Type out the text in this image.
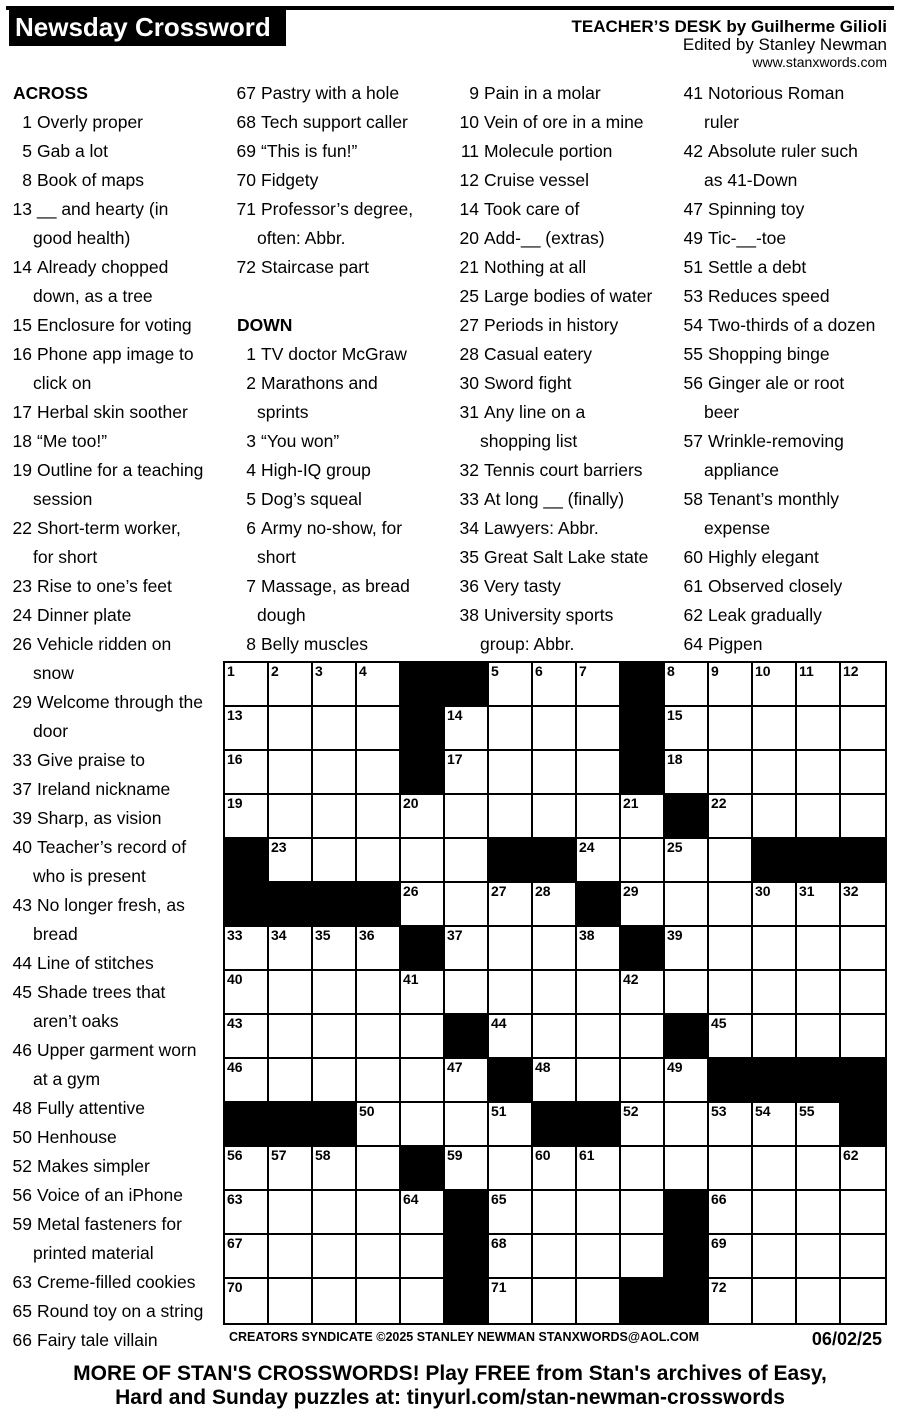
Newsday Crossword	TEACHER’S DESK by Guilherme Gilioli
Edited by Stanley Newman
www.stanxwords.com
ACROSS
1 Overly proper
5 Gab a lot
8 Book of maps
13 __ and hearty (in
good health)
14 Already chopped
down, as a tree
15 Enclosure for voting
16 Phone app image to
click on
17 Herbal skin soother
18 “Me too!”
19 Outline for a teaching
session
22 Short-term worker,
for short
23 Rise to one’s feet
24 Dinner plate
26 Vehicle ridden on
snow
29 Welcome through the
door
33 Give praise to
37 Ireland nickname
39 Sharp, as vision
40 Teacher’s record of
who is present
43 No longer fresh, as
bread
44 Line of stitches
45 Shade trees that
aren’t oaks
46 Upper garment worn
at a gym
48 Fully attentive
50 Henhouse
52 Makes simpler
56 Voice of an iPhone
59 Metal fasteners for
printed material
63 Creme-filled cookies
65 Round toy on a string
66 Fairy tale villain
67 Pastry with a hole
68 Tech support caller
69 “This is fun!”
70 Fidgety
71 Professor’s degree,
often: Abbr.
72 Staircase part
DOWN
1 TV doctor McGraw
2 Marathons and
sprints
3 “You won”
4 High-IQ group
5 Dog’s squeal
6 Army no-show, for
short
7 Massage, as bread
dough
8 Belly muscles
9 Pain in a molar
10 Vein of ore in a mine
11 Molecule portion
12 Cruise vessel
14 Took care of
20 Add-__ (extras)
21 Nothing at all
25 Large bodies of water
27 Periods in history
28 Casual eatery
30 Sword fight
31 Any line on a
shopping list
32 Tennis court barriers
33 At long __ (finally)
34 Lawyers: Abbr.
35 Great Salt Lake state
36 Very tasty
38 University sports
group: Abbr.
41 Notorious Roman
ruler
42 Absolute ruler such
as 41-Down
47 Spinning toy
49 Tic-__-toe
51 Settle a debt
53 Reduces speed
54 Two-thirds of a dozen
55 Shopping binge
56 Ginger ale or root
beer
57 Wrinkle-removing
appliance
58 Tenant’s monthly
expense
60 Highly elegant
61 Observed closely
62 Leak gradually
64 Pigpen
1	2	3	4	5	6	7	8	9	10 11 12
13	14	15
16	17	18
19	20	21	22
23	24	25
26	27 28	29	30 31 32
33 34 35 36	37	38	39
40	41	42
43	44	45
46	47	48	49
50	51	52	53 54 55
56 57 58	59	60 61	62
63	64	65	66
67	68	69
70	71	72
CREATORS SYNDICATE ©2025 STANLEY NEWMAN STANXWORDS@AOL.COM	06/02/25
MORE OF STAN'S CROSSWORDS! Play FREE from Stan's archives of Easy,
Hard and Sunday puzzles at: tinyurl.com/stan-newman-crosswords
